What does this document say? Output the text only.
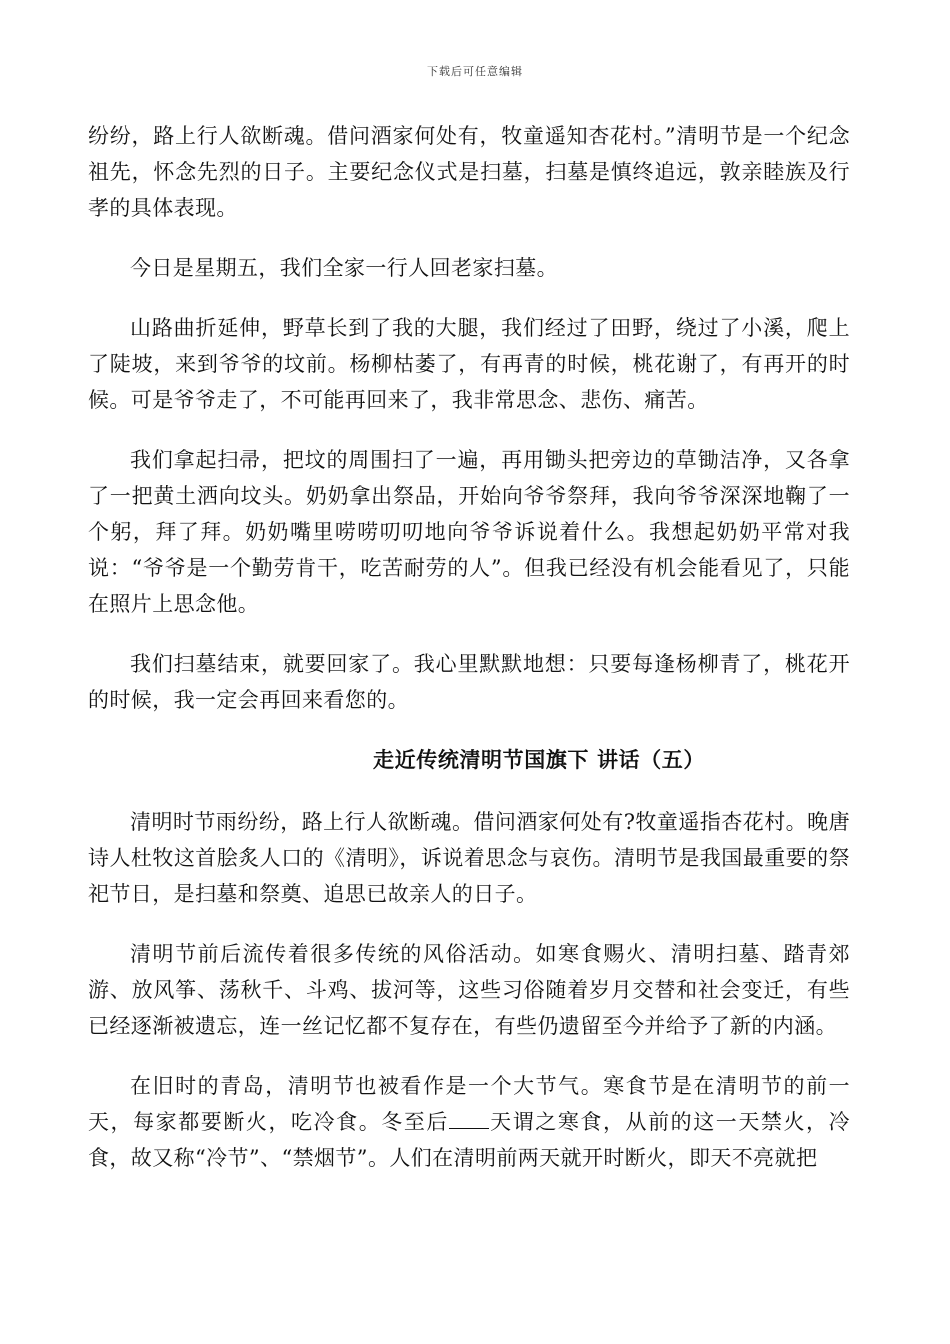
下载后可任意编辑

纷纷，路上行人欲断魂。借问酒家何处有，牧童遥知杏花村。”清明节是一个纪念祖先，怀念先烈的日子。主要纪念仪式是扫墓，扫墓是慎终追远，敦亲睦族及行孝的具体表现。

今日是星期五，我们全家一行人回老家扫墓。

山路曲折延伸，野草长到了我的大腿，我们经过了田野，绕过了小溪，爬上了陡坡，来到爷爷的坟前。杨柳枯萎了，有再青的时候，桃花谢了，有再开的时候。可是爷爷走了，不可能再回来了，我非常思念、悲伤、痛苦。

我们拿起扫帚，把坟的周围扫了一遍，再用锄头把旁边的草锄洁净，又各拿了一把黄土洒向坟头。奶奶拿出祭品，开始向爷爷祭拜，我向爷爷深深地鞠了一个躬，拜了拜。奶奶嘴里唠唠叨叨地向爷爷诉说着什么。我想起奶奶平常对我说：“爷爷是一个勤劳肯干，吃苦耐劳的人”。但我已经没有机会能看见了，只能在照片上思念他。

我们扫墓结束，就要回家了。我心里默默地想：只要每逢杨柳青了，桃花开的时候，我一定会再回来看您的。

走近传统清明节国旗下 讲话（五）

清明时节雨纷纷，路上行人欲断魂。借问酒家何处有?牧童遥指杏花村。晚唐诗人杜牧这首脍炙人口的《清明》，诉说着思念与哀伤。清明节是我国最重要的祭祀节日，是扫墓和祭奠、追思已故亲人的日子。

清明节前后流传着很多传统的风俗活动。如寒食赐火、清明扫墓、踏青郊游、放风筝、荡秋千、斗鸡、拔河等，这些习俗随着岁月交替和社会变迁，有些已经逐渐被遗忘，连一丝记忆都不复存在，有些仍遗留至今并给予了新的内涵。

在旧时的青岛，清明节也被看作是一个大节气。寒食节是在清明节的前一天，每家都要断火，吃冷食。冬至后 天谓之寒食，从前的这一天禁火，冷食，故又称“冷节”、“禁烟节”。人们在清明前两天就开时断火，即天不亮就把
